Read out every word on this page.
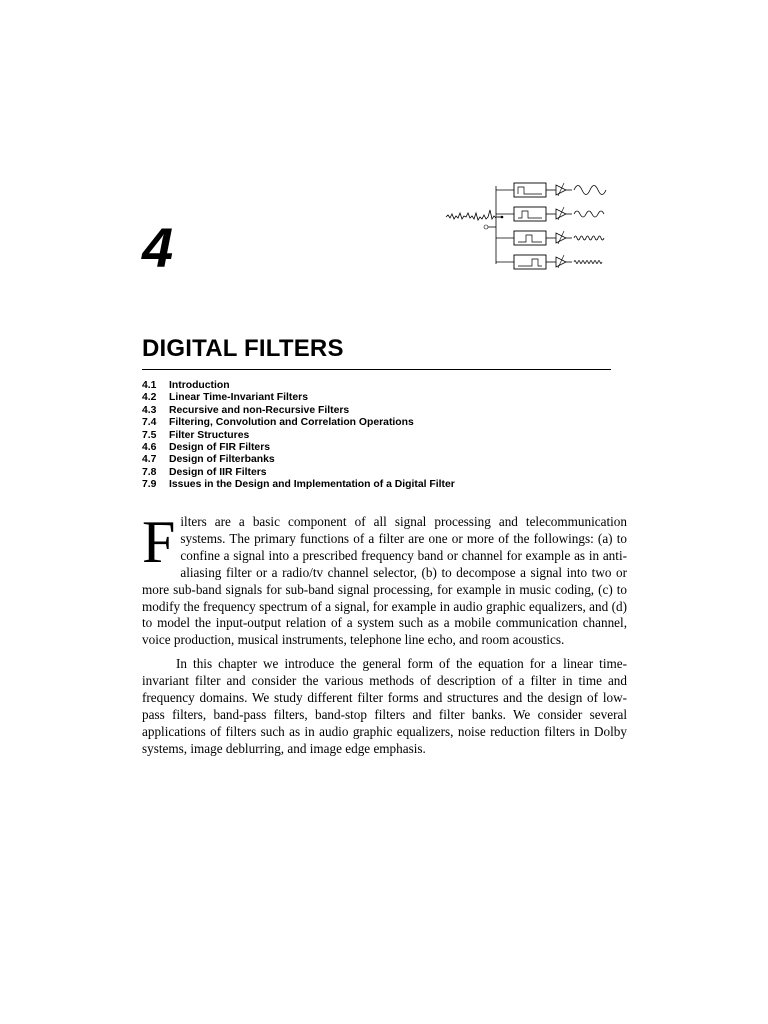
4
DIGITAL FILTERS
4.1 Introduction
4.2 Linear Time-Invariant Filters
4.3 Recursive and non-Recursive Filters
7.4 Filtering, Convolution and Correlation Operations
7.5 Filter Structures
4.6 Design of FIR Filters
4.7 Design of Filterbanks
7.8 Design of IIR Filters
7.9 Issues in the Design and Implementation of a Digital Filter

Filters are a basic component of all signal processing and telecommunication systems. The primary functions of a filter are one or more of the followings: (a) to confine a signal into a prescribed frequency band or channel for example as in anti-aliasing filter or a radio/tv channel selector, (b) to decompose a signal into two or more sub-band signals for sub-band signal processing, for example in music coding, (c) to modify the frequency spectrum of a signal, for example in audio graphic equalizers, and (d) to model the input-output relation of a system such as a mobile communication channel, voice production, musical instruments, telephone line echo, and room acoustics.

In this chapter we introduce the general form of the equation for a linear time-invariant filter and consider the various methods of description of a filter in time and frequency domains. We study different filter forms and structures and the design of low-pass filters, band-pass filters, band-stop filters and filter banks. We consider several applications of filters such as in audio graphic equalizers, noise reduction filters in Dolby systems, image deblurring, and image edge emphasis.
